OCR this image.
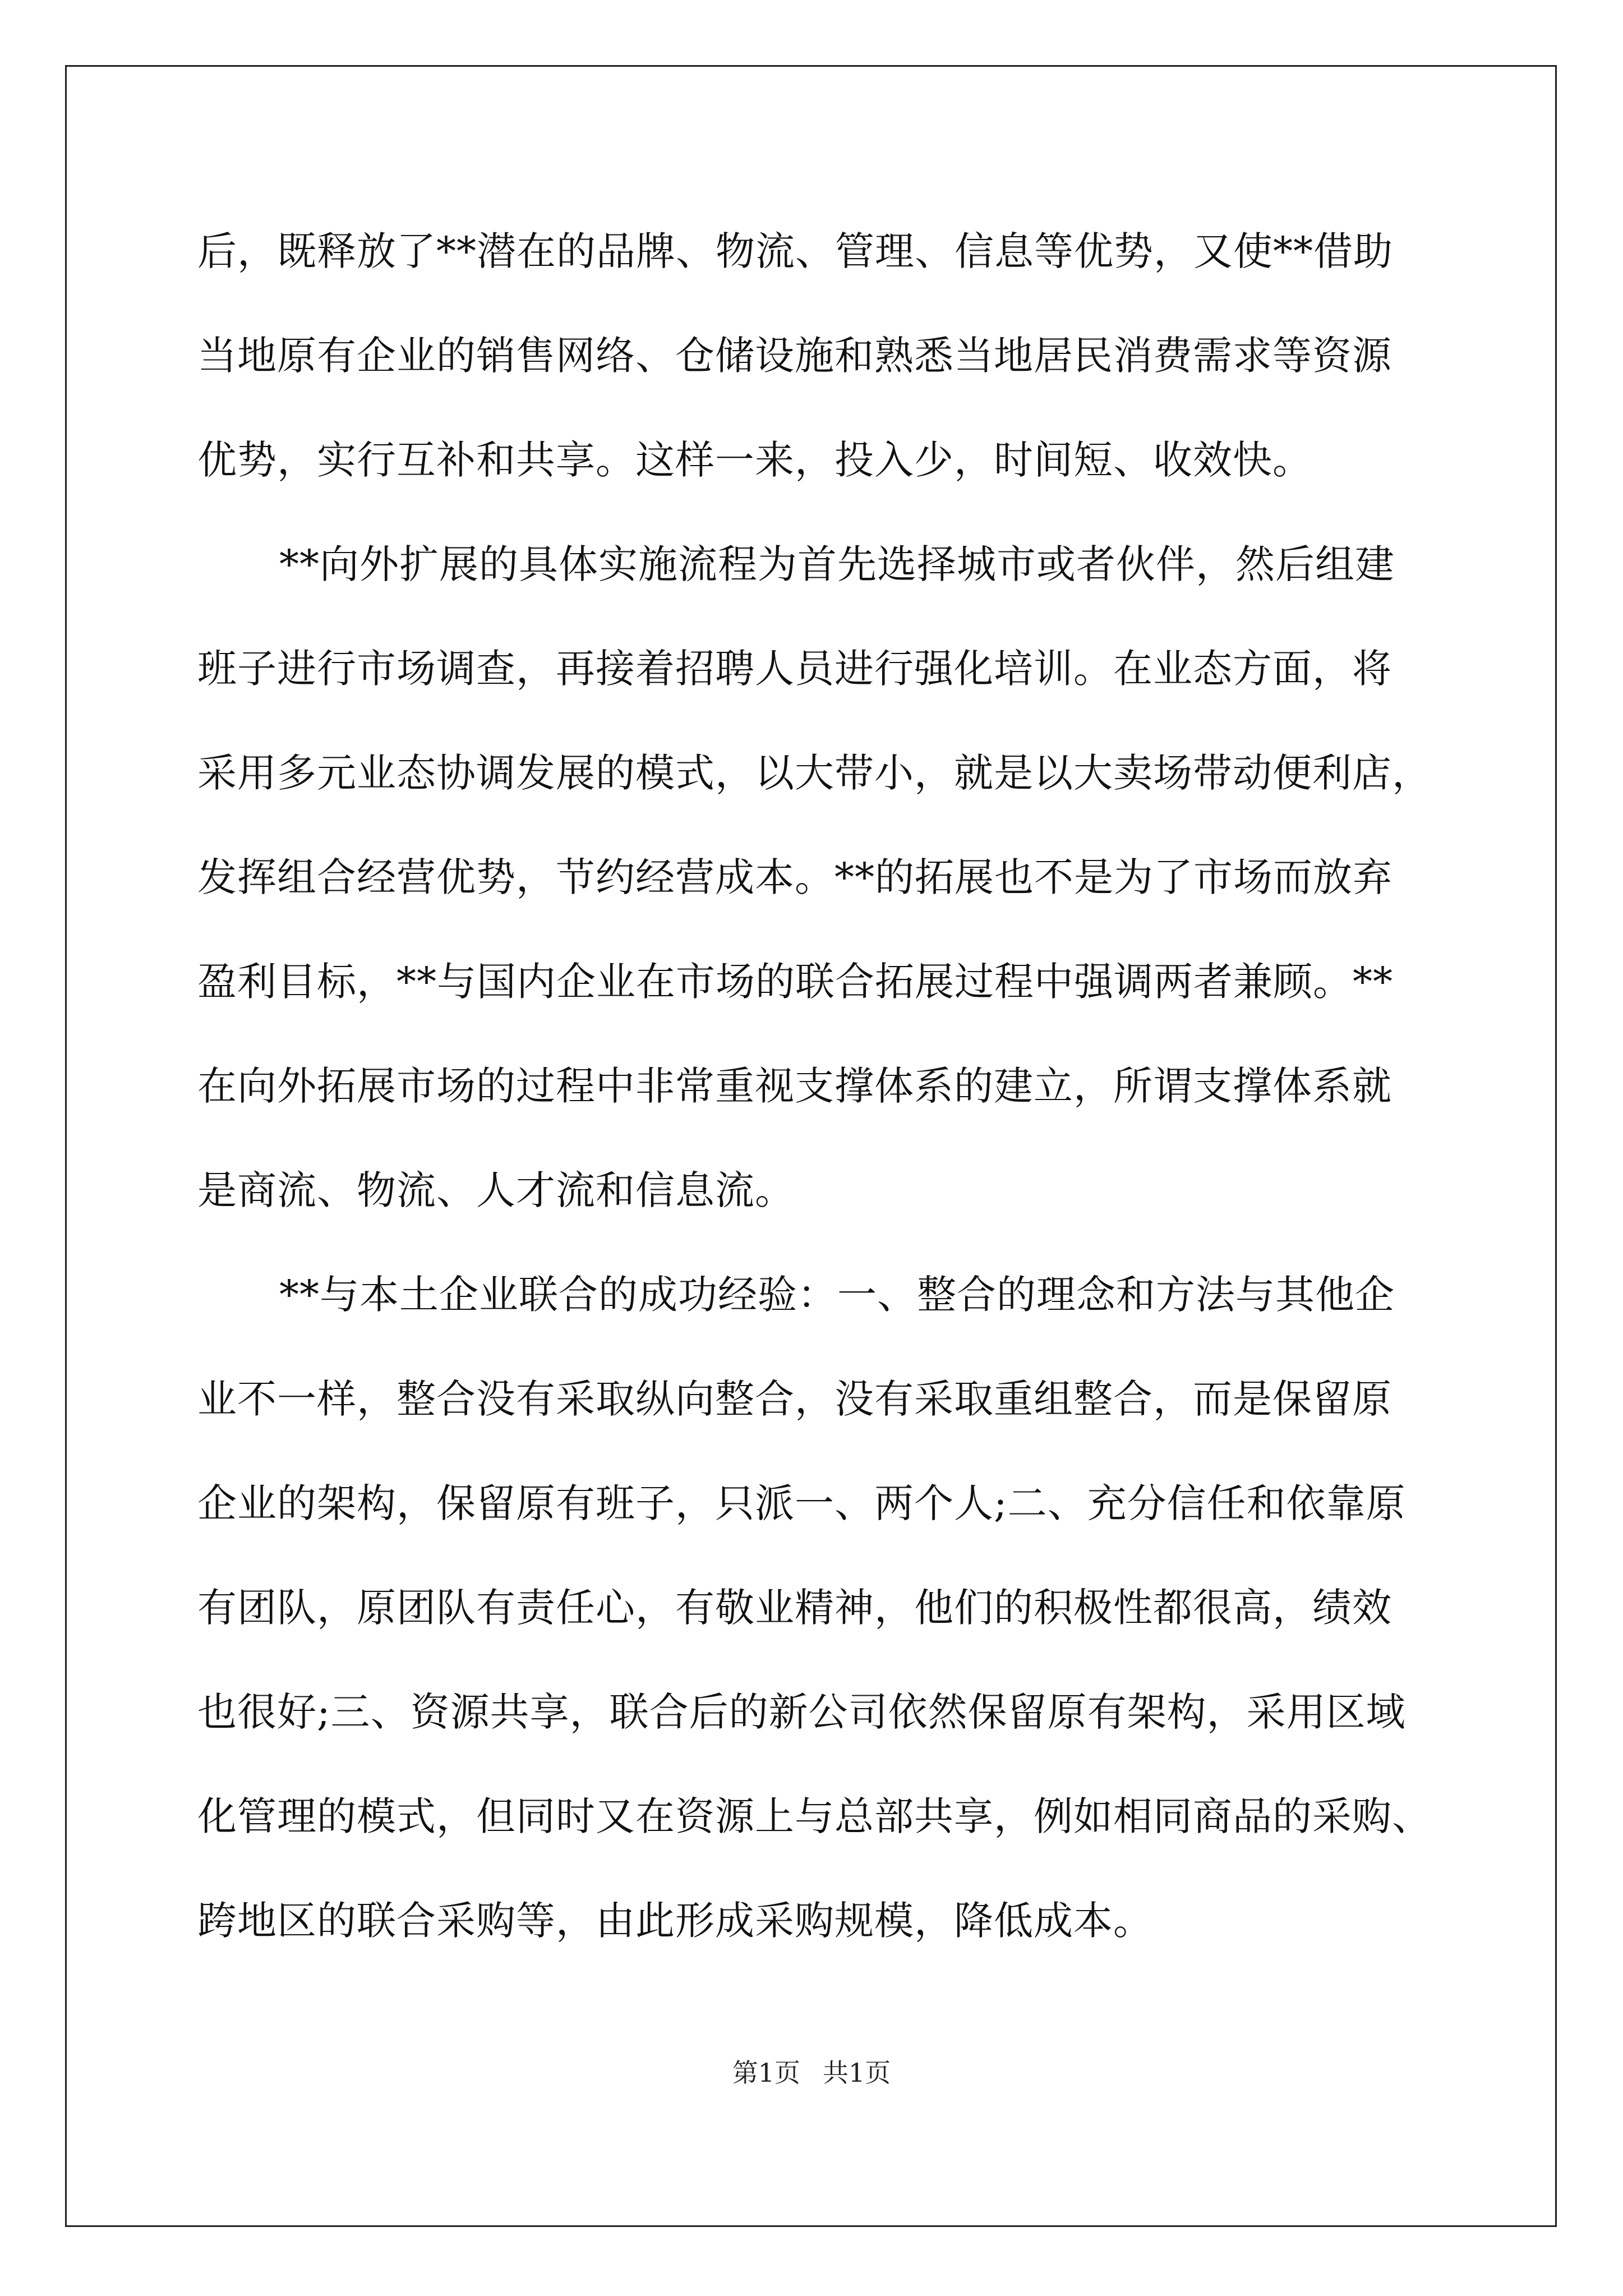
后，既释放了**潜在的品牌、物流、管理、信息等优势，又使**借助
当地原有企业的销售网络、仓储设施和熟悉当地居民消费需求等资源
优势，实行互补和共享。这样一来，投入少，时间短、收效快。
**向外扩展的具体实施流程为首先选择城市或者伙伴，然后组建
班子进行市场调查，再接着招聘人员进行强化培训。在业态方面，将
采用多元业态协调发展的模式，以大带小，就是以大卖场带动便利店，
发挥组合经营优势，节约经营成本。**的拓展也不是为了市场而放弃
盈利目标，**与国内企业在市场的联合拓展过程中强调两者兼顾。**
在向外拓展市场的过程中非常重视支撑体系的建立，所谓支撑体系就
是商流、物流、人才流和信息流。
**与本土企业联合的成功经验：一、整合的理念和方法与其他企
业不一样，整合没有采取纵向整合，没有采取重组整合，而是保留原
企业的架构，保留原有班子，只派一、两个人;二、充分信任和依靠原
有团队，原团队有责任心，有敬业精神，他们的积极性都很高，绩效
也很好;三、资源共享，联合后的新公司依然保留原有架构，采用区域
化管理的模式，但同时又在资源上与总部共享，例如相同商品的采购、
跨地区的联合采购等，由此形成采购规模，降低成本。
第1页 共1页
